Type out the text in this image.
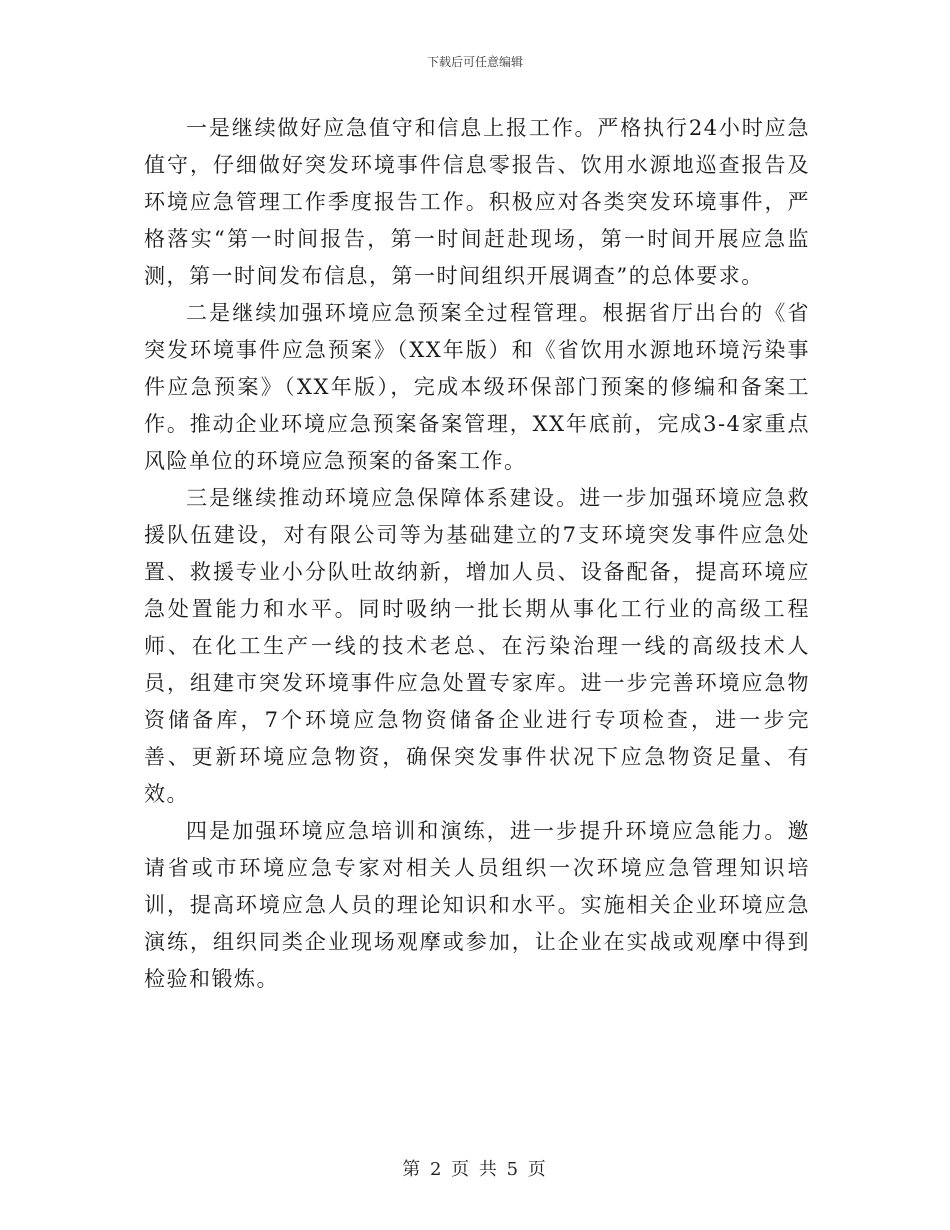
下载后可任意编辑

一是继续做好应急值守和信息上报工作。严格执行24小时应急值守，仔细做好突发环境事件信息零报告、饮用水源地巡查报告及环境应急管理工作季度报告工作。积极应对各类突发环境事件，严格落实“第一时间报告，第一时间赶赴现场，第一时间开展应急监测，第一时间发布信息，第一时间组织开展调查”的总体要求。

二是继续加强环境应急预案全过程管理。根据省厅出台的《省突发环境事件应急预案》（XX年版）和《省饮用水源地环境污染事件应急预案》（XX年版），完成本级环保部门预案的修编和备案工作。推动企业环境应急预案备案管理，XX年底前，完成3-4家重点风险单位的环境应急预案的备案工作。

三是继续推动环境应急保障体系建设。进一步加强环境应急救援队伍建设，对有限公司等为基础建立的7支环境突发事件应急处置、救援专业小分队吐故纳新，增加人员、设备配备，提高环境应急处置能力和水平。同时吸纳一批长期从事化工行业的高级工程师、在化工生产一线的技术老总、在污染治理一线的高级技术人员，组建市突发环境事件应急处置专家库。进一步完善环境应急物资储备库，7个环境应急物资储备企业进行专项检查，进一步完善、更新环境应急物资，确保突发事件状况下应急物资足量、有效。

四是加强环境应急培训和演练，进一步提升环境应急能力。邀请省或市环境应急专家对相关人员组织一次环境应急管理知识培训，提高环境应急人员的理论知识和水平。实施相关企业环境应急演练，组织同类企业现场观摩或参加，让企业在实战或观摩中得到检验和锻炼。

第 2 页 共 5 页
